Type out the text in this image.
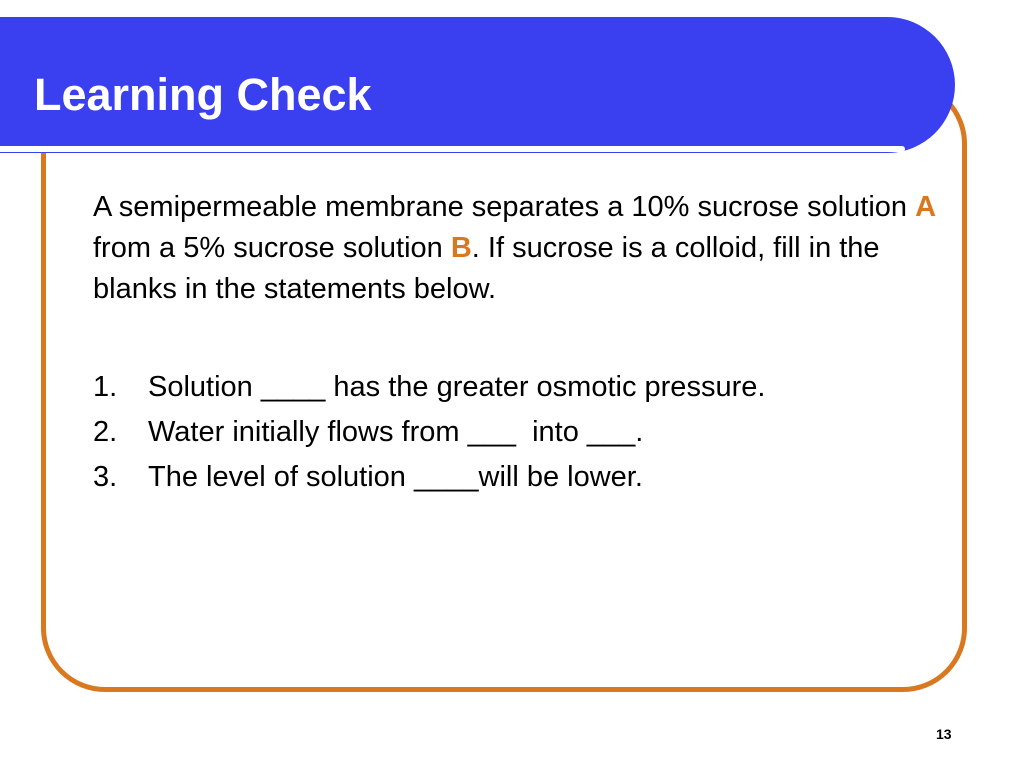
Learning Check
A semipermeable membrane separates a 10% sucrose solution A from a 5% sucrose solution B. If sucrose is a colloid, fill in the blanks in the statements below.
1.	Solution ____ has the greater osmotic pressure.
2.	Water initially flows from ___  into ___.
3.	The level of solution ____will be lower.
13
